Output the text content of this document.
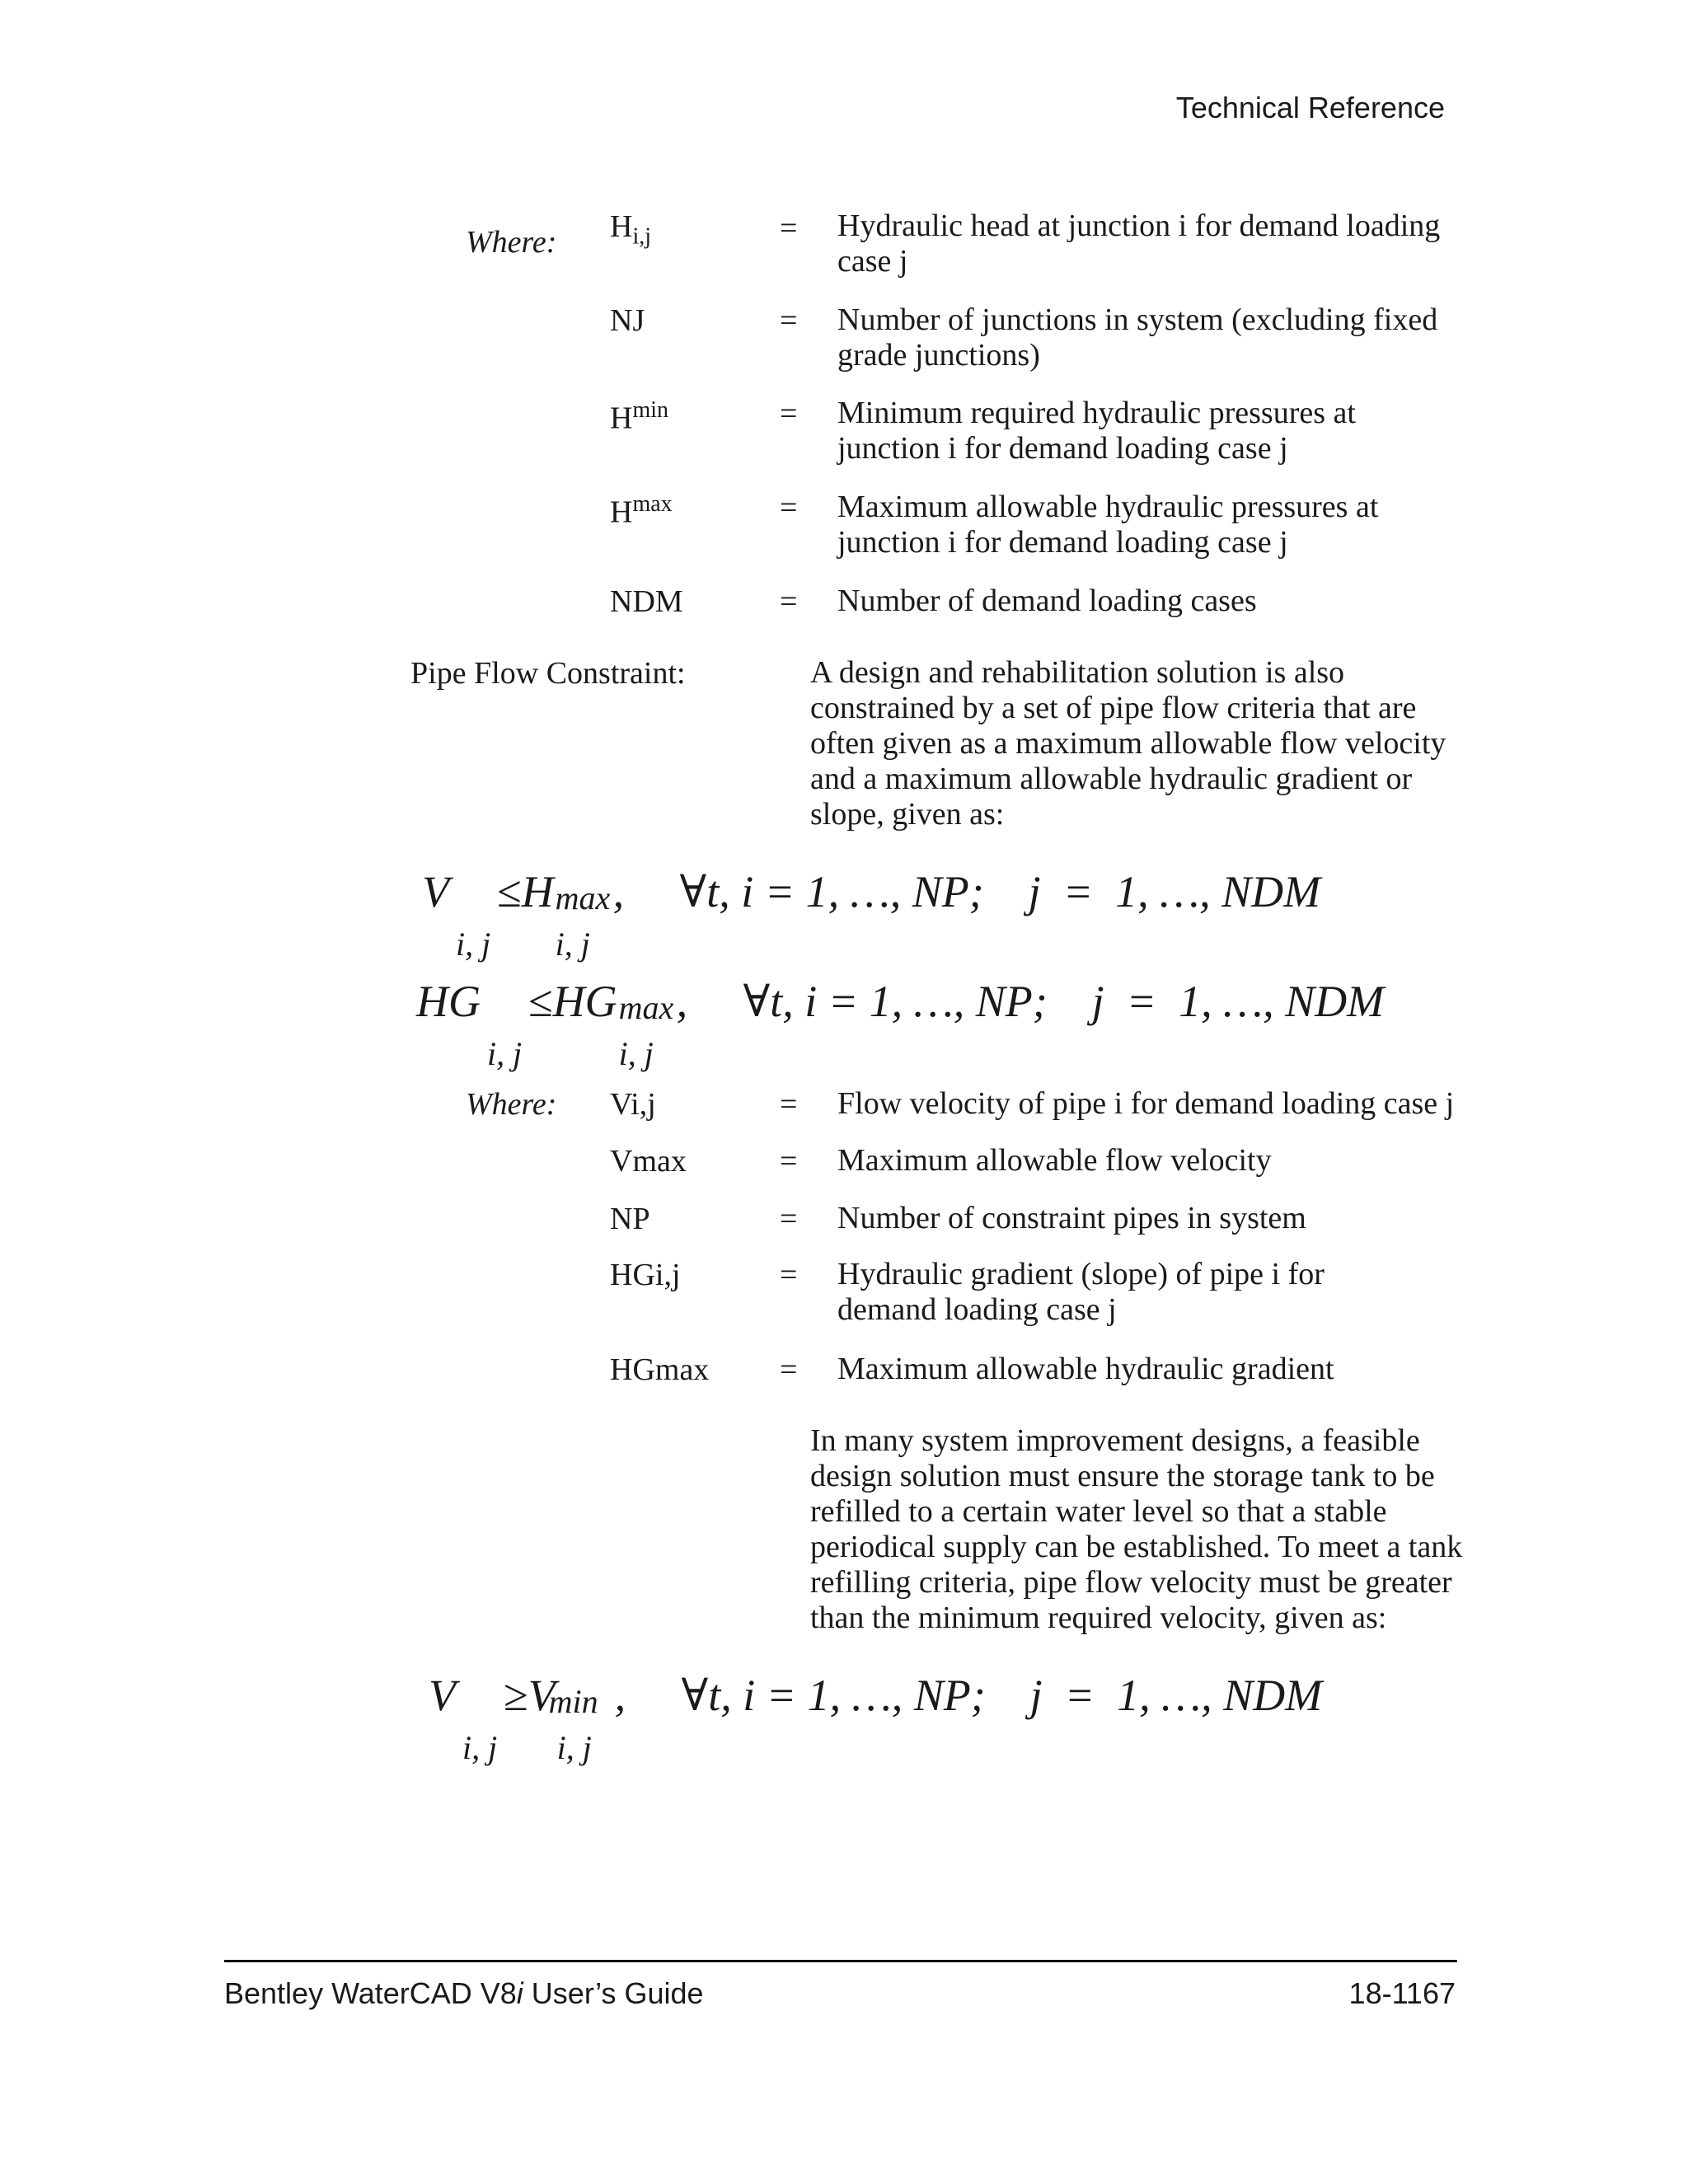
Technical Reference
Where: $H_{i,j}$	= Hydraulic head at junction i for demand loading case j
NJ	= Number of junctions in system (excluding fixed grade junctions)
$H^{min}$	= Minimum required hydraulic pressures at junction i for demand loading case j
$H^{max}$	= Maximum allowable hydraulic pressures at junction i for demand loading case j
NDM	= Number of demand loading cases
Pipe Flow Constraint:	A design and rehabilitation solution is also constrained by a set of pipe flow criteria that are often given as a maximum allowable flow velocity and a maximum allowable hydraulic gradient or slope, given as:
V
i, j
≤H max
i, j
,     ∀t, i = 1, …, NP;    j  =  1, …, NDM
HG
i, j
≤HG max
i, j
,     ∀t, i = 1, …, NP;    j  =  1, …, NDM
Where: Vi,j	= Flow velocity of pipe i for demand loading case j
Vmax	= Maximum allowable flow velocity
NP	= Number of constraint pipes in system
HGi,j	= Hydraulic gradient (slope) of pipe i for demand loading case j
HGmax = Maximum allowable hydraulic gradient
In many system improvement designs, a feasible design solution must ensure the storage tank to be refilled to a certain water level so that a stable periodical supply can be established. To meet a tank refilling criteria, pipe flow velocity must be greater than the minimum required velocity, given as:
V
i, j
≥V
min
i, j
,     ∀t, i = 1, …, NP;    j  =  1, …, NDM
Bentley WaterCAD V8i User’s Guide	18-1167
